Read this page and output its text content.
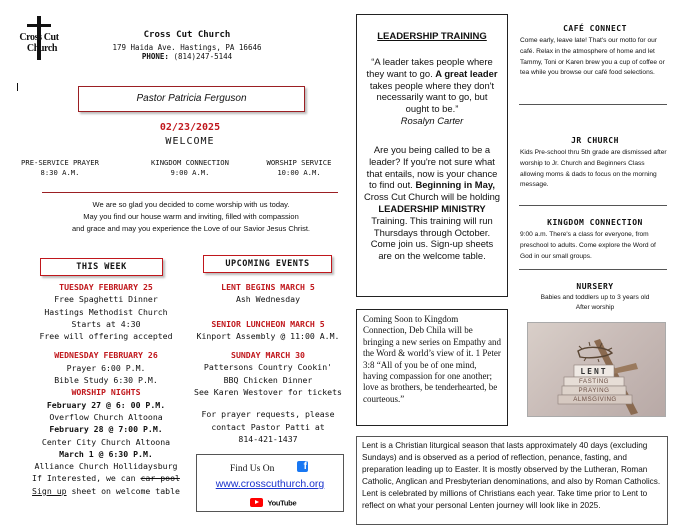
Cross Cut
Church
Cross Cut Church
179 Haida Ave. Hastings, PA 16646
PHONE: (814)247-5144
Pastor Patricia Ferguson
02/23/2025
WELCOME
PRE-SERVICE PRAYER
8:30 A.M.
KINGDOM CONNECTION
9:00 A.M.
WORSHIP SERVICE
10:00 A.M.
We are so glad you decided to come worship with us today.
May you find our house warm and inviting, filled with compassion
and grace and may you experience the Love of our Savior Jesus Christ.
THIS WEEK
TUESDAY FEBRUARY 25
Free Spaghetti Dinner
Hastings Methodist Church
Starts at 4:30
Free will offering accepted
WEDNESDAY FEBRUARY 26
Prayer 6:00 P.M.
Bible Study 6:30 P.M.
WORSHIP NIGHTS
February 27 @ 6: 00 P.M.
Overflow Church Altoona
February 28 @ 7:00 P.M.
Center City Church Altoona
March 1 @ 6:30 P.M.
Alliance Church Hollidaysburg
If Interested, we can car pool
Sign up sheet on welcome table
UPCOMING EVENTS
LENT BEGINS MARCH 5
Ash Wednesday
SENIOR LUNCHEON MARCH 5
Kinport Assembly @ 11:00 A.M.
SUNDAY MARCH 30
Pattersons Country Cookin'
BBQ Chicken Dinner
See Karen Westover for tickets
For prayer requests, please
contact Pastor Patti at
814-421-1437
Find Us On	f
www.crosscuthurch.org
YouTube
LEADERSHIP TRAINING
“A leader takes people where they want to go. A great leader takes people where they don't necessarily want to go, but ought to be.”
Rosalyn Carter
Are you being called to be a leader? If you're not sure what that entails, now is your chance to find out. Beginning in May, Cross Cut Church will be holding LEADERSHIP MINISTRY Training. This training will run Thursdays through October.
Come join us. Sign-up sheets are on the welcome table.
Coming Soon to Kingdom Connection, Deb Chila will be bringing a new series on Empathy and the Word & world’s view of it. 1 Peter 3:8 “All of you be of one mind, having compassion for one another; love as brothers, be tenderhearted, be courteous.”
CAFÉ CONNECT
Come early, leave late! That's our motto for our café. Relax in the atmosphere of home and let Tammy, Toni or Karen brew you a cup of coffee or tea while you browse our café food selections.
JR CHURCH
Kids Pre-school thru 5th grade are dismissed after worship to Jr. Church and Beginners Class allowing moms & dads to focus on the morning message.
KINGDOM CONNECTION
9:00 a.m. There's a class for everyone, from preschool to adults. Come explore the Word of God in our small groups.
NURSERY
Babies and toddlers up to 3 years old
After worship
LENT
FASTING
PRAYING
ALMSGIVING
Lent is a Christian liturgical season that lasts approximately 40 days (excluding Sundays) and is observed as a period of reflection, penance, fasting, and preparation leading up to Easter. It is mostly observed by the Lutheran, Roman Catholic, Anglican and Presbyterian denominations, and also by Roman Catholics. Lent is celebrated by millions of Christians each year. Take time prior to Lent to reflect on what your personal Lenten journey will look like in 2025.
